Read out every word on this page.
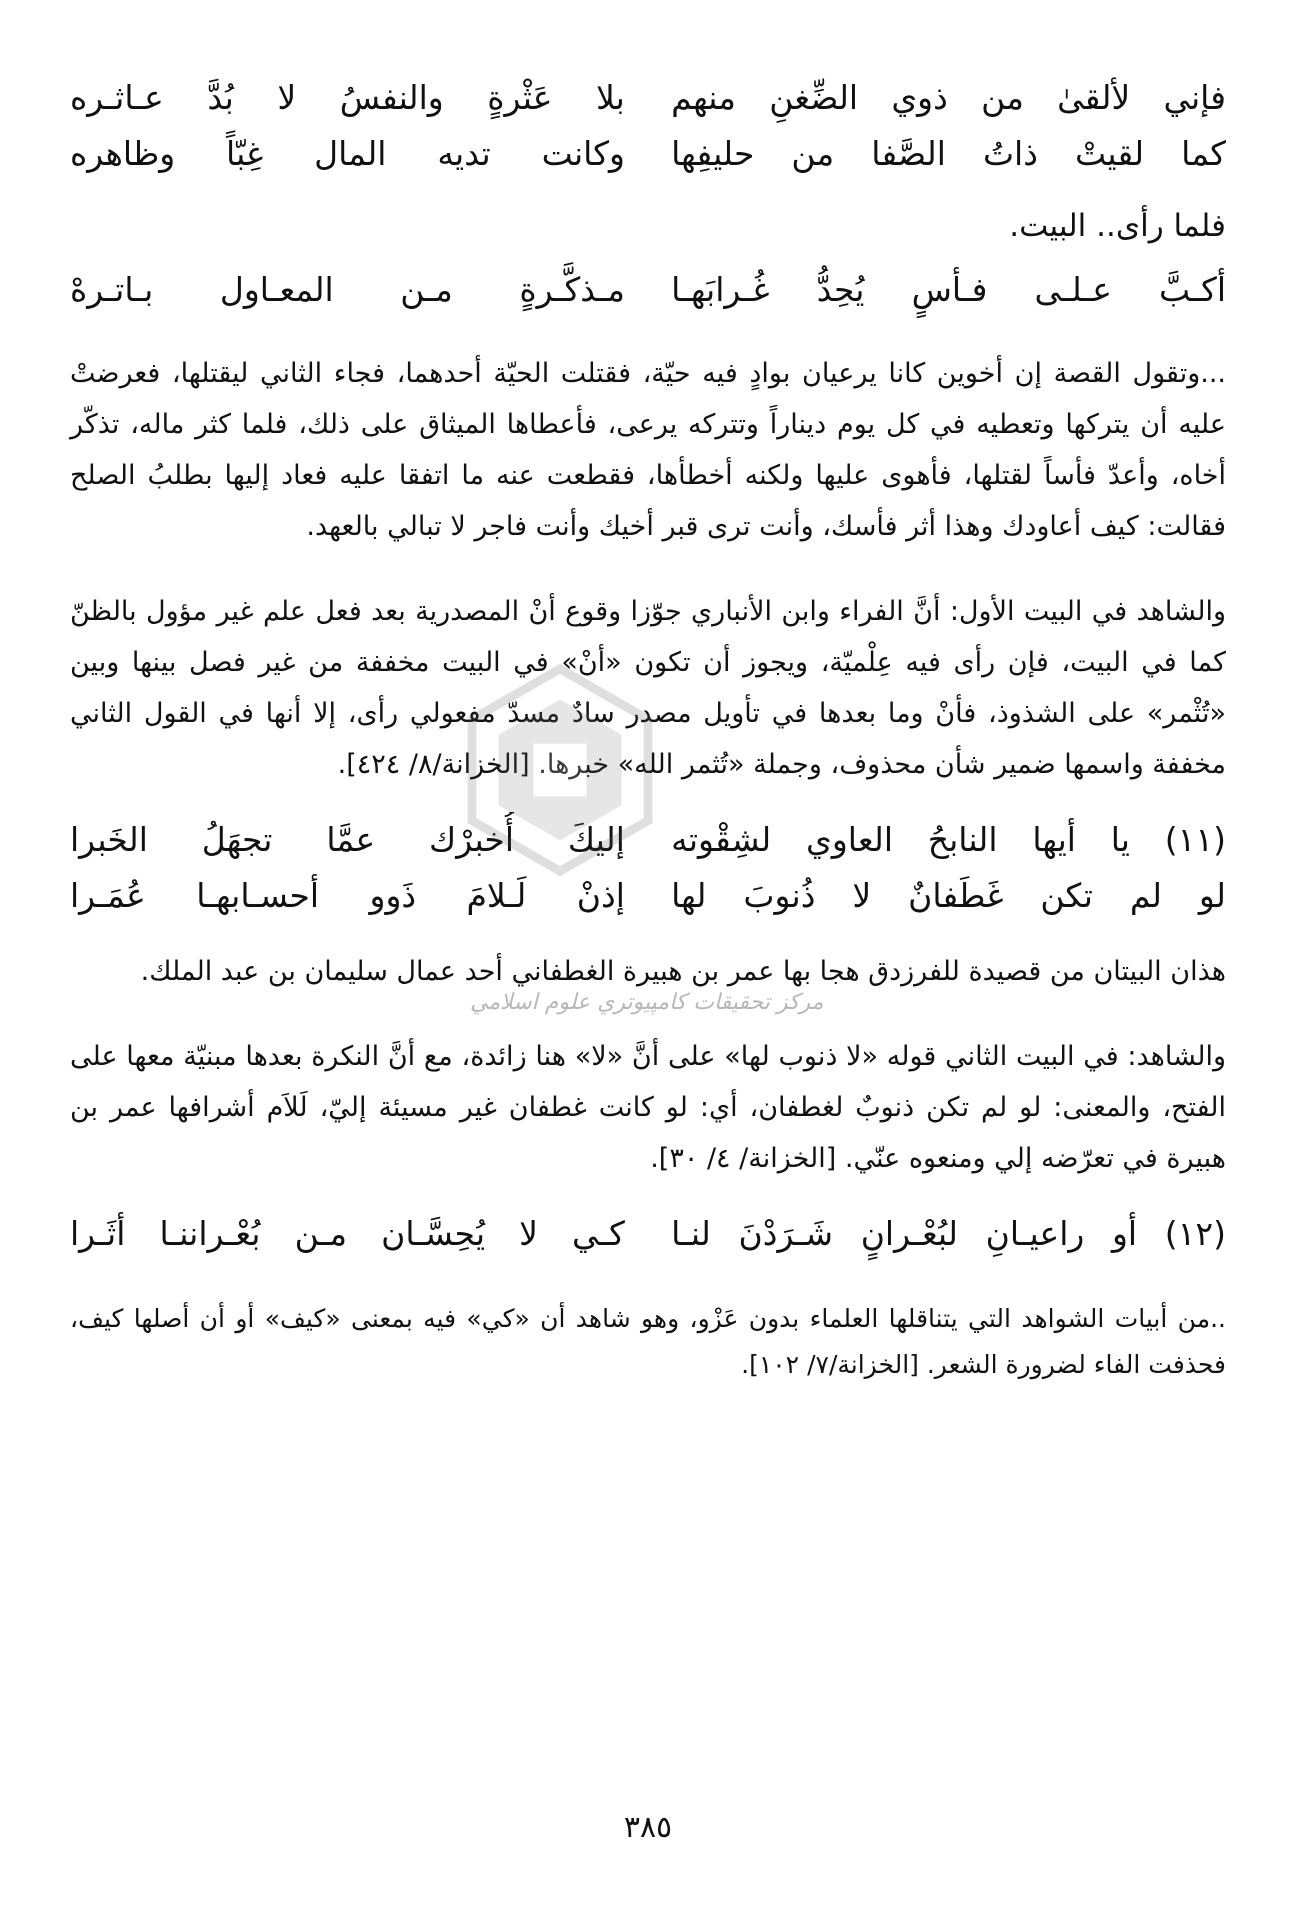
فإني لألقىٰ من ذوي الضِّغنِ منهم
بلا عَثْرةٍ والنفسُ لا بُدَّ عـاثـره
كما لقيتْ ذاتُ الصَّفا من حليفِها
وكانت تديه المال غِبّاً وظاهره
فلما رأى.. البيت.
أكـبَّ عـلـى فـأسٍ يُحِدُّ غُـرابَهـا
مـذكَّـرةٍ مـن المعـاول بـاتـرهْ

...وتقول القصة إن أخوين كانا يرعيان بوادٍ فيه حيّة، فقتلت الحيّة أحدهما، فجاء الثاني ليقتلها، فعرضتْ عليه أن يتركها وتعطيه في كل يوم ديناراً وتتركه يرعى، فأعطاها الميثاق على ذلك، فلما كثر ماله، تذكّر أخاه، وأعدّ فأساً لقتلها، فأهوى عليها ولكنه أخطأها، فقطعت عنه ما اتفقا عليه فعاد إليها بطلبُ الصلح فقالت: كيف أعاودك وهذا أثر فأسك، وأنت ترى قبر أخيك وأنت فاجر لا تبالي بالعهد.

والشاهد في البيت الأول: أنَّ الفراء وابن الأنباري جوّزا وقوع أنْ المصدرية بعد فعل علم غير مؤول بالظنّ كما في البيت، فإن رأى فيه عِلْميّة، ويجوز أن تكون «أنْ» في البيت مخففة من غير فصل بينها وبين «تُثْمر» على الشذوذ، فأنْ وما بعدها في تأويل مصدر سادٌ مسدّ مفعولي رأى، إلا أنها في القول الثاني مخففة واسمها ضمير شأن محذوف، وجملة «تُثمر الله» خبرها. [الخزانة/٨/ ٤٢٤].

(١١) يا أيها النابحُ العاوي لشِقْوته
إليكَ أُخبرْك عمَّا تجهَلُ الخَبرا
لو لم تكن غَطَفانٌ لا ذُنوبَ لها
إذنْ لَـلامَ ذَوو أحسـابهـا عُمَـرا

هذان البيتان من قصيدة للفرزدق هجا بها عمر بن هبيرة الغطفاني أحد عمال سليمان بن عبد الملك.

والشاهد: في البيت الثاني قوله «لا ذنوب لها» على أنَّ «لا» هنا زائدة، مع أنَّ النكرة بعدها مبنيّة معها على الفتح، والمعنى: لو لم تكن ذنوبٌ لغطفان، أي: لو كانت غطفان غير مسيئة إليّ، لَلاَم أشرافها عمر بن هبيرة في تعرّضه إلي ومنعوه عنّي. [الخزانة/ ٤/ ٣٠].

(١٢) أو راعيـانِ لبُعْـرانٍ شَـرَدْنَ لنـا
كـي لا يُحِسَّـان مـن بُعْـراننـا أثَـرا

..من أبيات الشواهد التي يتناقلها العلماء بدون عَزْو، وهو شاهد أن «كي» فيه بمعنى «كيف» أو أن أصلها كيف، فحذفت الفاء لضرورة الشعر. [الخزانة/٧/ ١٠٢].

مركز تحقيقات كامپيوتري علوم اسلامي
٣٨٥
